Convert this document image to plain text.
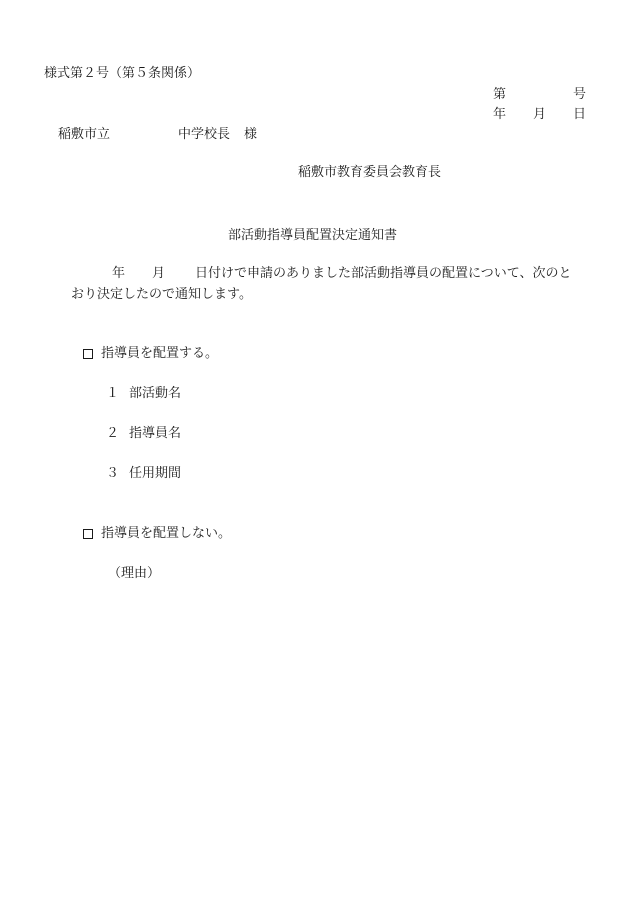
様式第２号（第５条関係）

第	号
年 月 日
稲敷市立	中学校長 様
稲敷市教育委員会教育長
部活動指導員配置決定通知書
年 月 日付けで申請のありました部活動指導員の配置について、次のと
おり決定したので通知します。
指導員を配置する。
１ 部活動名
２ 指導員名
３ 任用期間
指導員を配置しない。
（理由）
